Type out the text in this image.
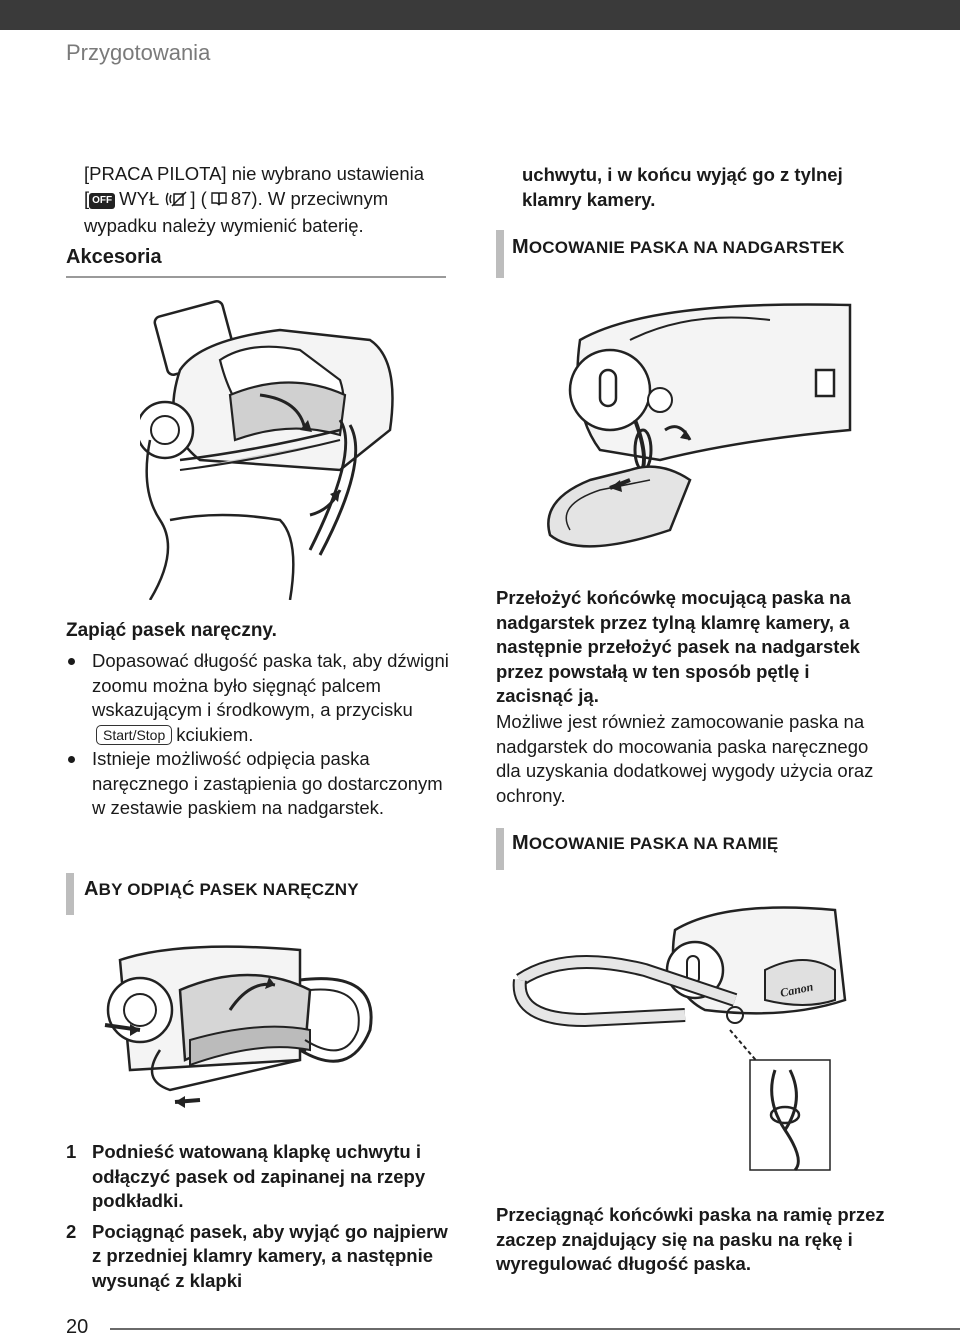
Przygotowania
[PRACA PILOTA] nie wybrano ustawienia
[ OFF WYŁ ] ( 87). W przeciwnym
wypadku należy wymienić baterię.
Akcesoria
Zapiąć pasek naręczny.
Dopasować długość paska tak, aby dźwigni zoomu można było sięgnąć palcem wskazującym i środkowym, a przyciskuStart/Stop kciukiem.
Istnieje możliwość odpięcia paska naręcznego i zastąpienia go dostarczonym w zestawie paskiem na nadgarstek.
ABY ODPIĄĆ PASEK NARĘCZNY
1 Podnieść watowaną klapkę uchwytu i odłączyć pasek od zapinanej na rzepy podkładki.
2 Pociągnąć pasek, aby wyjąć go najpierw z przedniej klamry kamery, a następnie wysunąć z klapki
uchwytu, i w końcu wyjąć go z tylnej klamry kamery.
MOCOWANIE PASKA NA NADGARSTEK
Przełożyć końcówkę mocującą paska na nadgarstek przez tylną klamrę kamery, a następnie przełożyć pasek na nadgarstek przez powstałą w ten sposób pętlę i zacisnąć ją.
Możliwe jest również zamocowanie paska na nadgarstek do mocowania paska naręcznego dla uzyskania dodatkowej wygody użycia oraz ochrony.
MOCOWANIE PASKA NA RAMIĘ
Canon
Przeciągnąć końcówki paska na ramię przez zaczep znajdujący się na pasku na rękę i wyregulować długość paska.
20
